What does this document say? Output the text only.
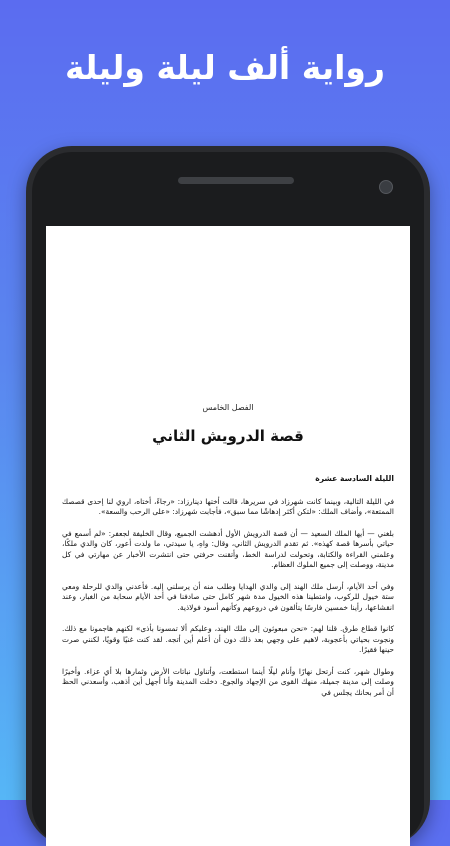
رواية ألف ليلة وليلة
الفصل الخامس
قصة الدرويش الثاني
الليلة السادسة عشرة

في الليلة التالية، وبينما كانت شهرزاد في سريرها، قالت أختها دينارزاد: «رجاءً، أختاه، اروي لنا إحدى قصصك الممتعة»، وأضاف الملك: «لتكن أكثر إدهاشًا مما سبق»، فأجابت شهرزاد: «على الرحب والسعة».

بلغني — أيها الملك السعيد — أن قصة الدرويش الأول أدهشت الجميع، وقال الخليفة لجعفر: «لم أسمع في حياتي بأسرها قصة كهذه». ثم تقدم الدرويش الثاني، وقال: واهِ، يا سيدتي، ما ولدت أعور، كان والدي ملكًا، وعلمني القراءة والكتابة، وتحولت لدراسة الخط، وأتقنت حرفتي حتى انتشرت الأخبار عن مهارتي في كل مدينة، ووصلت إلى جميع الملوك العظام.

وفي أحد الأيام، أرسل ملك الهند إلى والدي الهدايا وطلب منه أن يرسلني إليه. فأعدني والدي للرحلة ومعي ستة خيول للركوب، وامتطينا هذه الخيول مدة شهر كامل حتى صادفنا في أحد الأيام سحابة من الغبار، وعند انقشاعها، رأينا خمسين فارسًا يتألقون في دروعهم وكأنهم أسود فولاذية.

كانوا قطاع طرق. قلنا لهم: «نحن مبعوثون إلى ملك الهند، وعليكم ألا تمسونا بأذى» لكنهم هاجمونا مع ذلك. ونجوت بحياتي بأعجوبة، لاهيم على وجهي بعد ذلك دون أن أعلم أين أتجه. لقد كنت غنيًا وقويًا، لكنني صرت حينها فقيرًا.

وطوال شهر، كنت أرتحل نهارًا وأنام ليلًا أينما استطعت، وأتناول نباتات الأرض وثمارها بلا أي عزاء. وأخيرًا وصلت إلى مدينة جميلة، منهك القوى من الإجهاد والجوع. دخلت المدينة وأنا أجهل أين أذهب، وأسعدني الحظ أن أمر بحانك يجلس في
